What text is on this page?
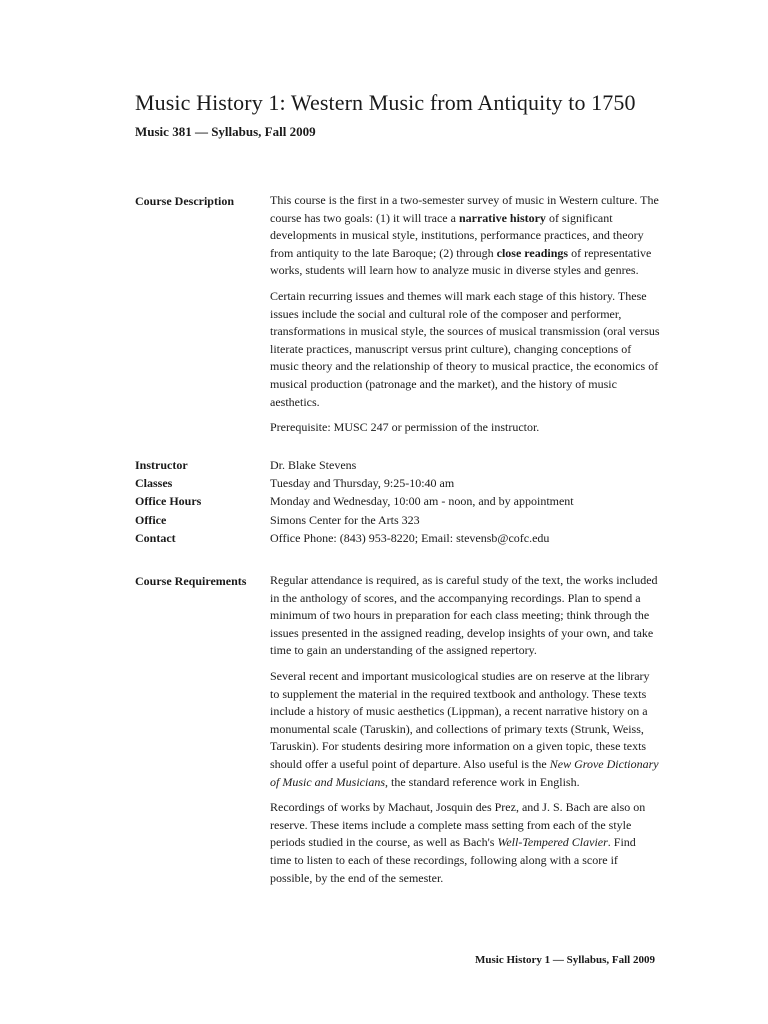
Music History 1: Western Music from Antiquity to 1750
Music 381 — Syllabus, Fall 2009
Course Description	This course is the first in a two-semester survey of music in Western culture. The course has two goals: (1) it will trace a narrative history of significant developments in musical style, institutions, performance practices, and theory from antiquity to the late Baroque; (2) through close readings of representative works, students will learn how to analyze music in diverse styles and genres.

Certain recurring issues and themes will mark each stage of this history. These issues include the social and cultural role of the composer and performer, transformations in musical style, the sources of musical transmission (oral versus literate practices, manuscript versus print culture), changing conceptions of music theory and the relationship of theory to musical practice, the economics of musical production (patronage and the market), and the history of music aesthetics.

Prerequisite: MUSC 247 or permission of the instructor.

Instructor
Classes
Office Hours
Office
Contact
Dr. Blake Stevens
Tuesday and Thursday, 9:25-10:40 am
Monday and Wednesday, 10:00 am - noon, and by appointment
Simons Center for the Arts 323
Office Phone: (843) 953-8220; Email: stevensb@cofc.edu
Course Requirements Regular attendance is required, as is careful study of the text, the works included in the anthology of scores, and the accompanying recordings. Plan to spend a minimum of two hours in preparation for each class meeting; think through the issues presented in the assigned reading, develop insights of your own, and take time to gain an understanding of the assigned repertory.

Several recent and important musicological studies are on reserve at the library to supplement the material in the required textbook and anthology. These texts include a history of music aesthetics (Lippman), a recent narrative history on a monumental scale (Taruskin), and collections of primary texts (Strunk, Weiss, Taruskin). For students desiring more information on a given topic, these texts should offer a useful point of departure. Also useful is the New Grove Dictionary of Music and Musicians, the standard reference work in English.

Recordings of works by Machaut, Josquin des Prez, and J. S. Bach are also on reserve. These items include a complete mass setting from each of the style periods studied in the course, as well as Bach's Well-Tempered Clavier. Find time to listen to each of these recordings, following along with a score if possible, by the end of the semester.

Music History 1 — Syllabus, Fall 2009
